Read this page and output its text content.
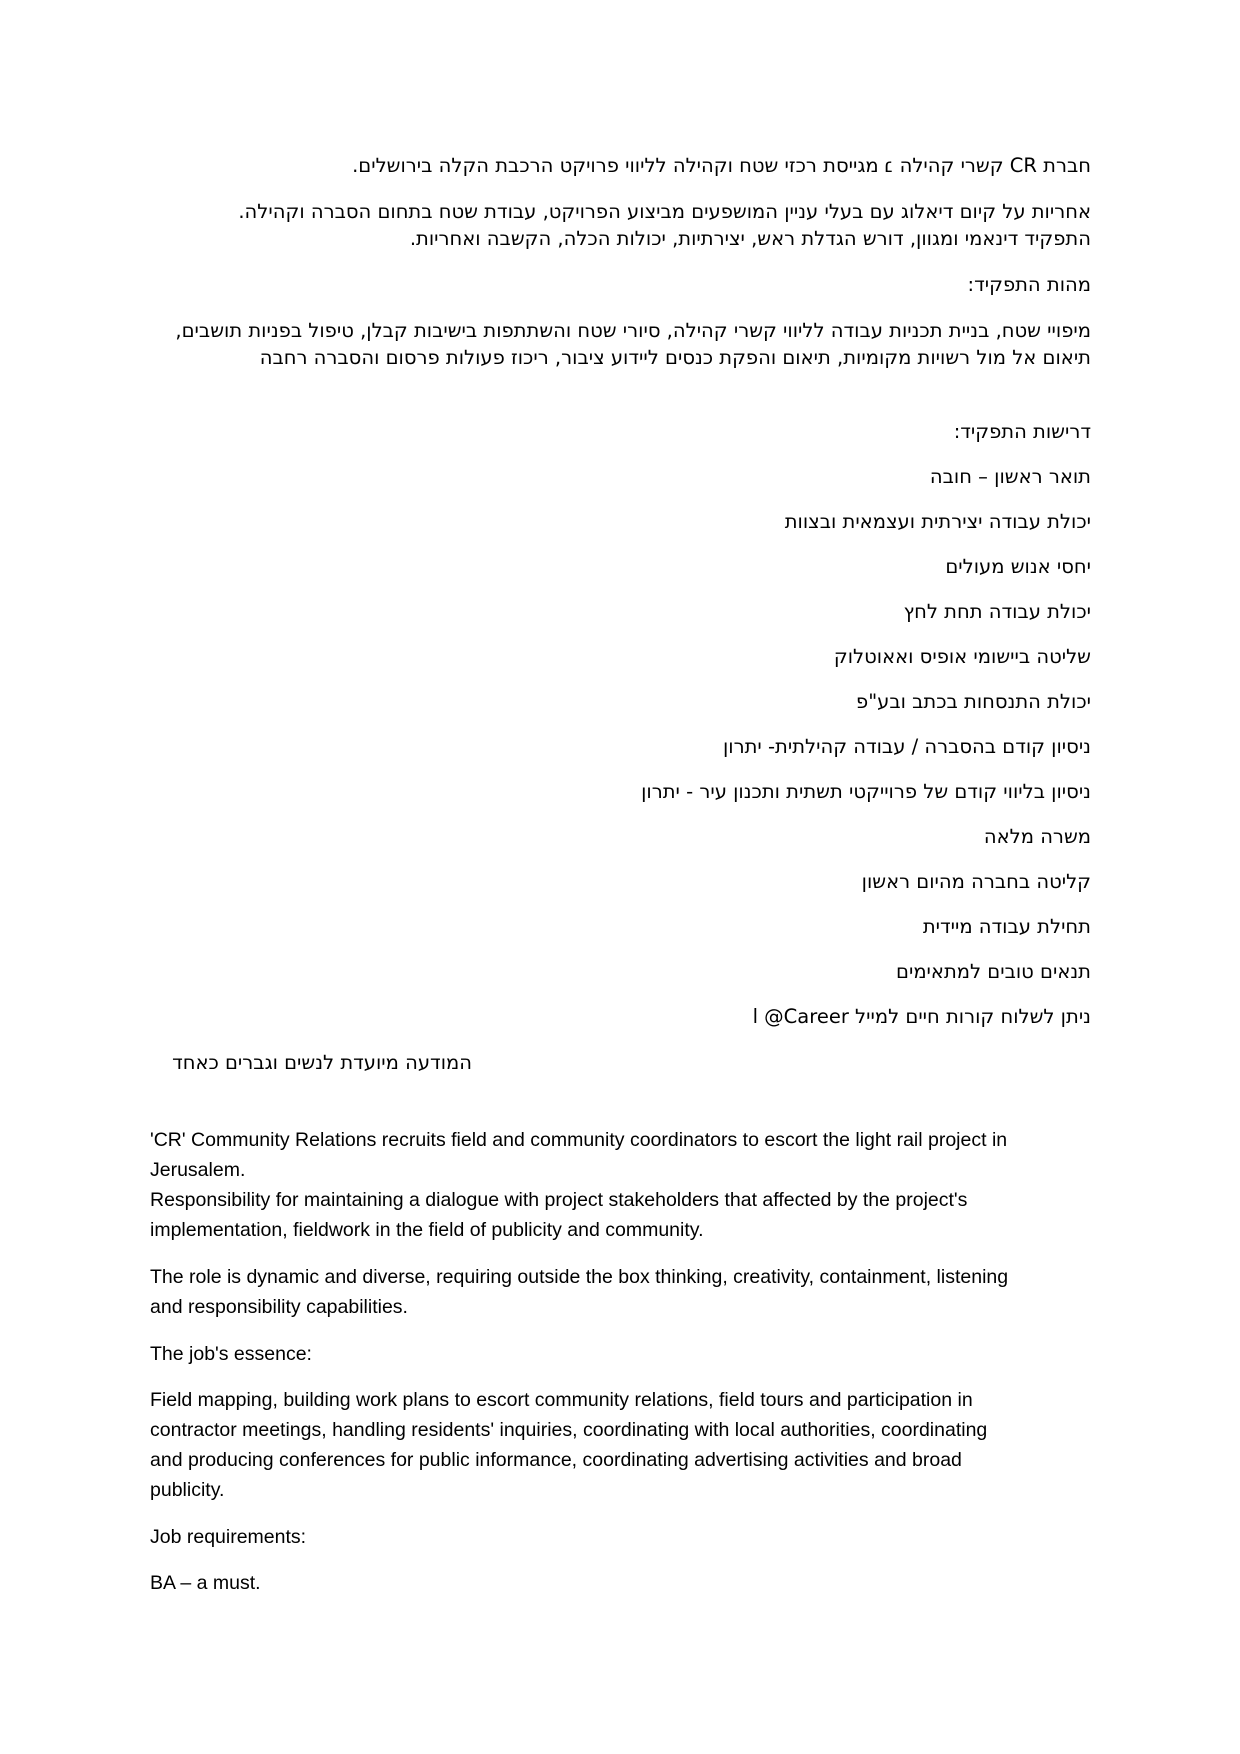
חברת CR קשרי קהילה ׆ מגייסת רכזי שטח וקהילה לליווי פרויקט הרכבת הקלה בירושלים.
אחריות על קיום דיאלוג עם בעלי עניין המושפעים מביצוע הפרויקט, עבודת שטח בתחום הסברה וקהילה.
התפקיד דינאמי ומגוון, דורש הגדלת ראש, יצירתיות, יכולות הכלה, הקשבה ואחריות.
מהות התפקיד:
מיפויי שטח, בניית תכניות עבודה לליווי קשרי קהילה, סיורי שטח והשתתפות בישיבות קבלן, טיפול בפניות תושבים, תיאום אל מול רשויות מקומיות, תיאום והפקת כנסים ליידוע ציבור, ריכוז פעולות פרסום והסברה רחבה
דרישות התפקיד:
תואר ראשון – חובה
יכולת עבודה יצירתית ועצמאית ובצוות
יחסי אנוש מעולים
יכולת עבודה תחת לחץ
שליטה ביישומי אופיס ואאוטלוק
יכולת התנסחות בכתב ובע"פ
ניסיון קודם בהסברה / עבודה קהילתית- יתרון
ניסיון בליווי קודם של פרוייקטי תשתית ותכנון עיר - יתרון
משרה מלאה
קליטה בחברה מהיום ראשון
תחילת עבודה מיידית
תנאים טובים למתאימים
ניתן לשלוח קורות חיים למייל l @Career
המודעה מיועדת לנשים וגברים כאחד
'CR' Community Relations recruits field and community coordinators to escort the light rail project in
Jerusalem.
Responsibility for maintaining a dialogue with project stakeholders that affected by the project's
implementation, fieldwork in the field of publicity and community.
The role is dynamic and diverse, requiring outside the box thinking, creativity, containment, listening
and responsibility capabilities.
The job's essence:
Field mapping, building work plans to escort community relations, field tours and participation in
contractor meetings, handling residents' inquiries, coordinating with local authorities, coordinating
and producing conferences for public informance, coordinating advertising activities and broad
publicity.
Job requirements:
BA – a must.
